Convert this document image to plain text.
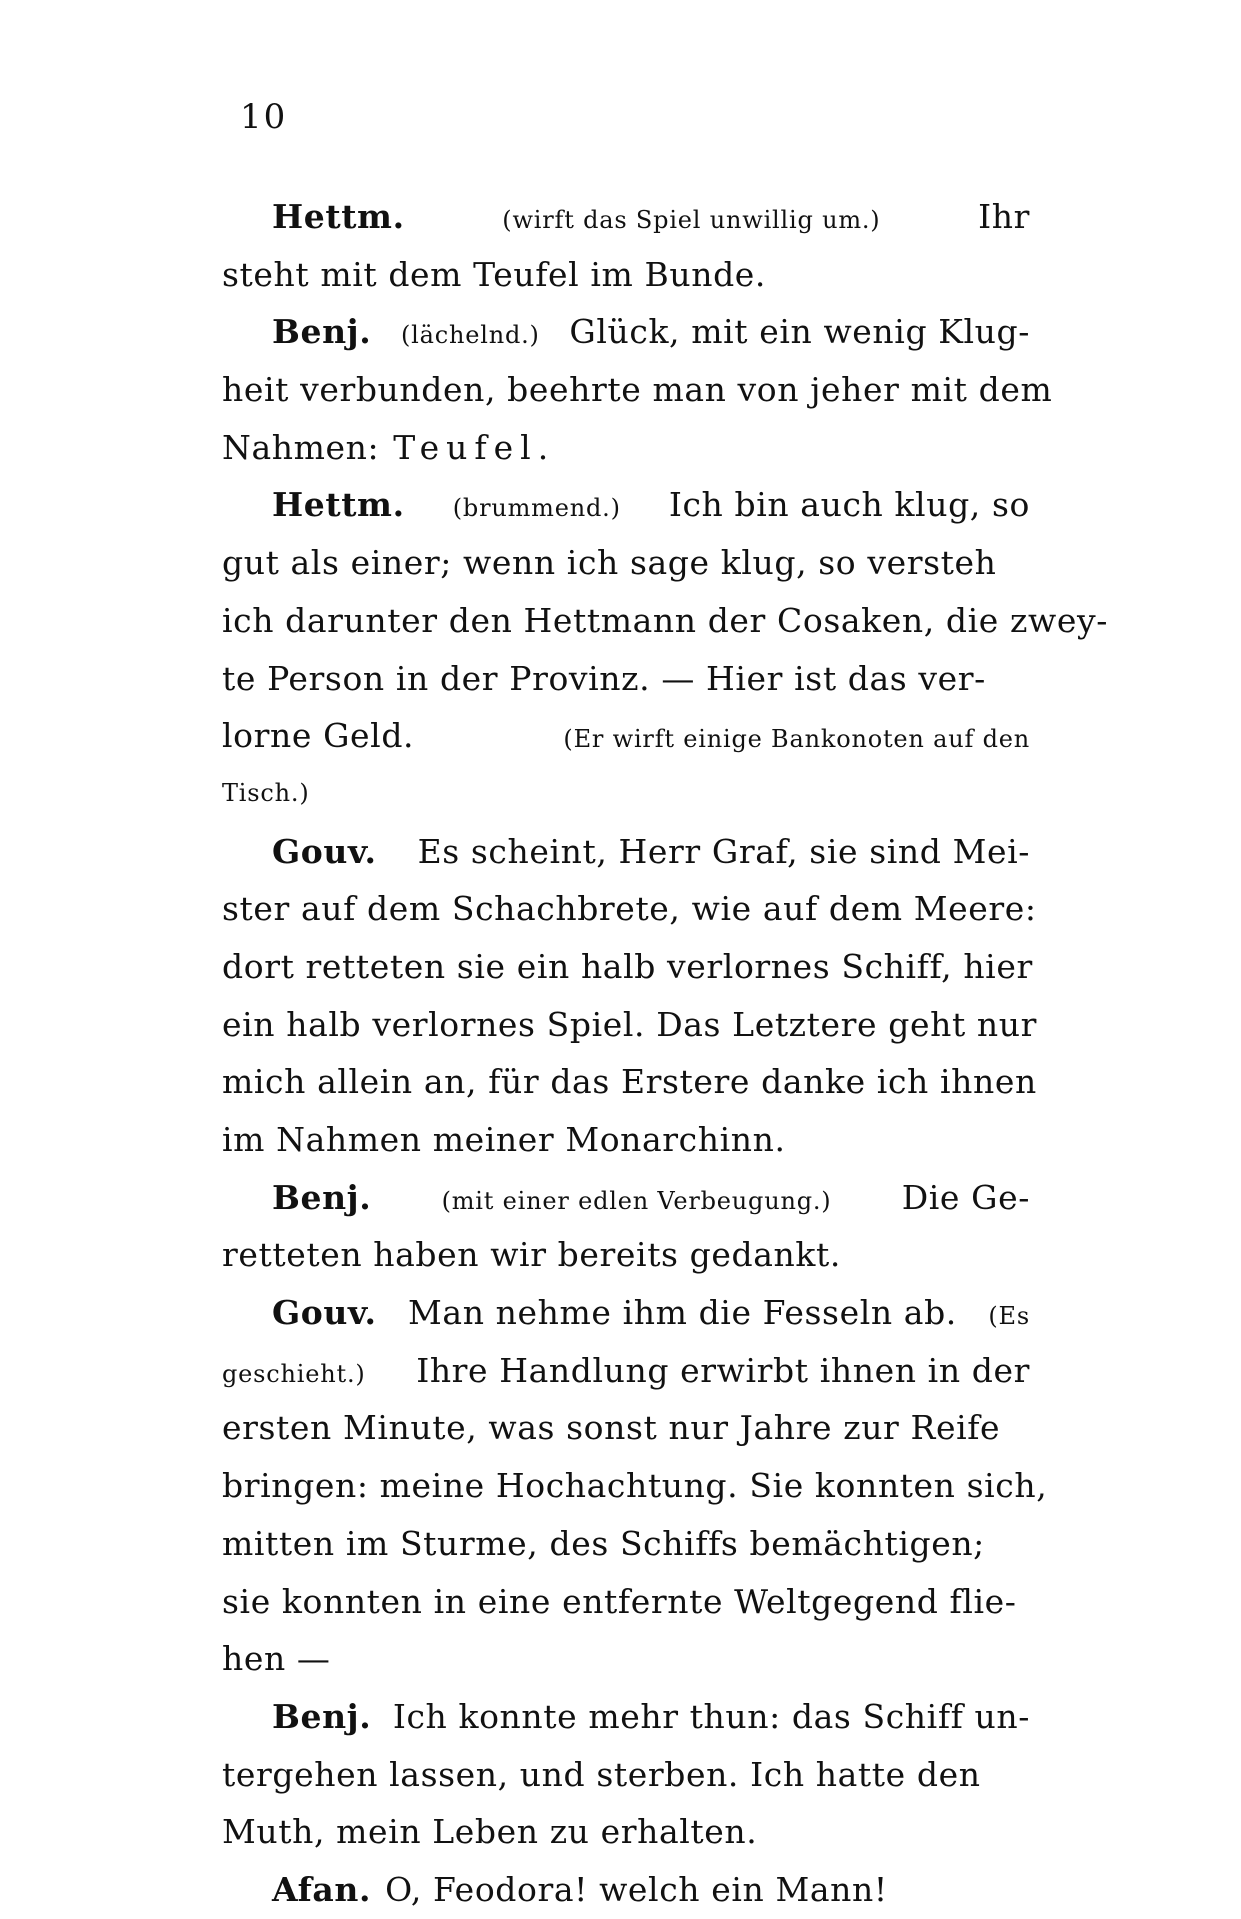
10
Hettm.	(wirft das Spiel unwillig um.)	Ihr
steht mit dem Teufel im Bunde.
Benj. (lächelnd.) Glück, mit ein wenig Klug-
heit verbunden, beehrte man von jeher mit dem
Nahmen: Teufel.
Hettm. (brummend.) Ich bin auch klug, so
gut als einer; wenn ich sage klug, so versteh
ich darunter den Hettmann der Cosaken, die zwey-
te Person in der Provinz. — Hier ist das ver-
lorne Geld.	(Er wirft einige Bankonoten auf den
Tisch.)
Gouv. Es scheint, Herr Graf, sie sind Mei-
ster auf dem Schachbrete, wie auf dem Meere:
dort retteten sie ein halb verlornes Schiff, hier
ein halb verlornes Spiel. Das Letztere geht nur
mich allein an, für das Erstere danke ich ihnen
im Nahmen meiner Monarchinn.
Benj.	(mit einer edlen Verbeugung.) Die Ge-
retteten haben wir bereits gedankt.
Gouv. Man nehme ihm die Fesseln ab. (Es
geschieht.) Ihre Handlung erwirbt ihnen in der
ersten Minute, was sonst nur Jahre zur Reife
bringen: meine Hochachtung. Sie konnten sich,
mitten im Sturme, des Schiffs bemächtigen;
sie konnten in eine entfernte Weltgegend flie-
hen —
Benj. Ich konnte mehr thun: das Schiff un-
tergehen lassen, und sterben. Ich hatte den
Muth, mein Leben zu erhalten.
Afan. O, Feodora! welch ein Mann!
